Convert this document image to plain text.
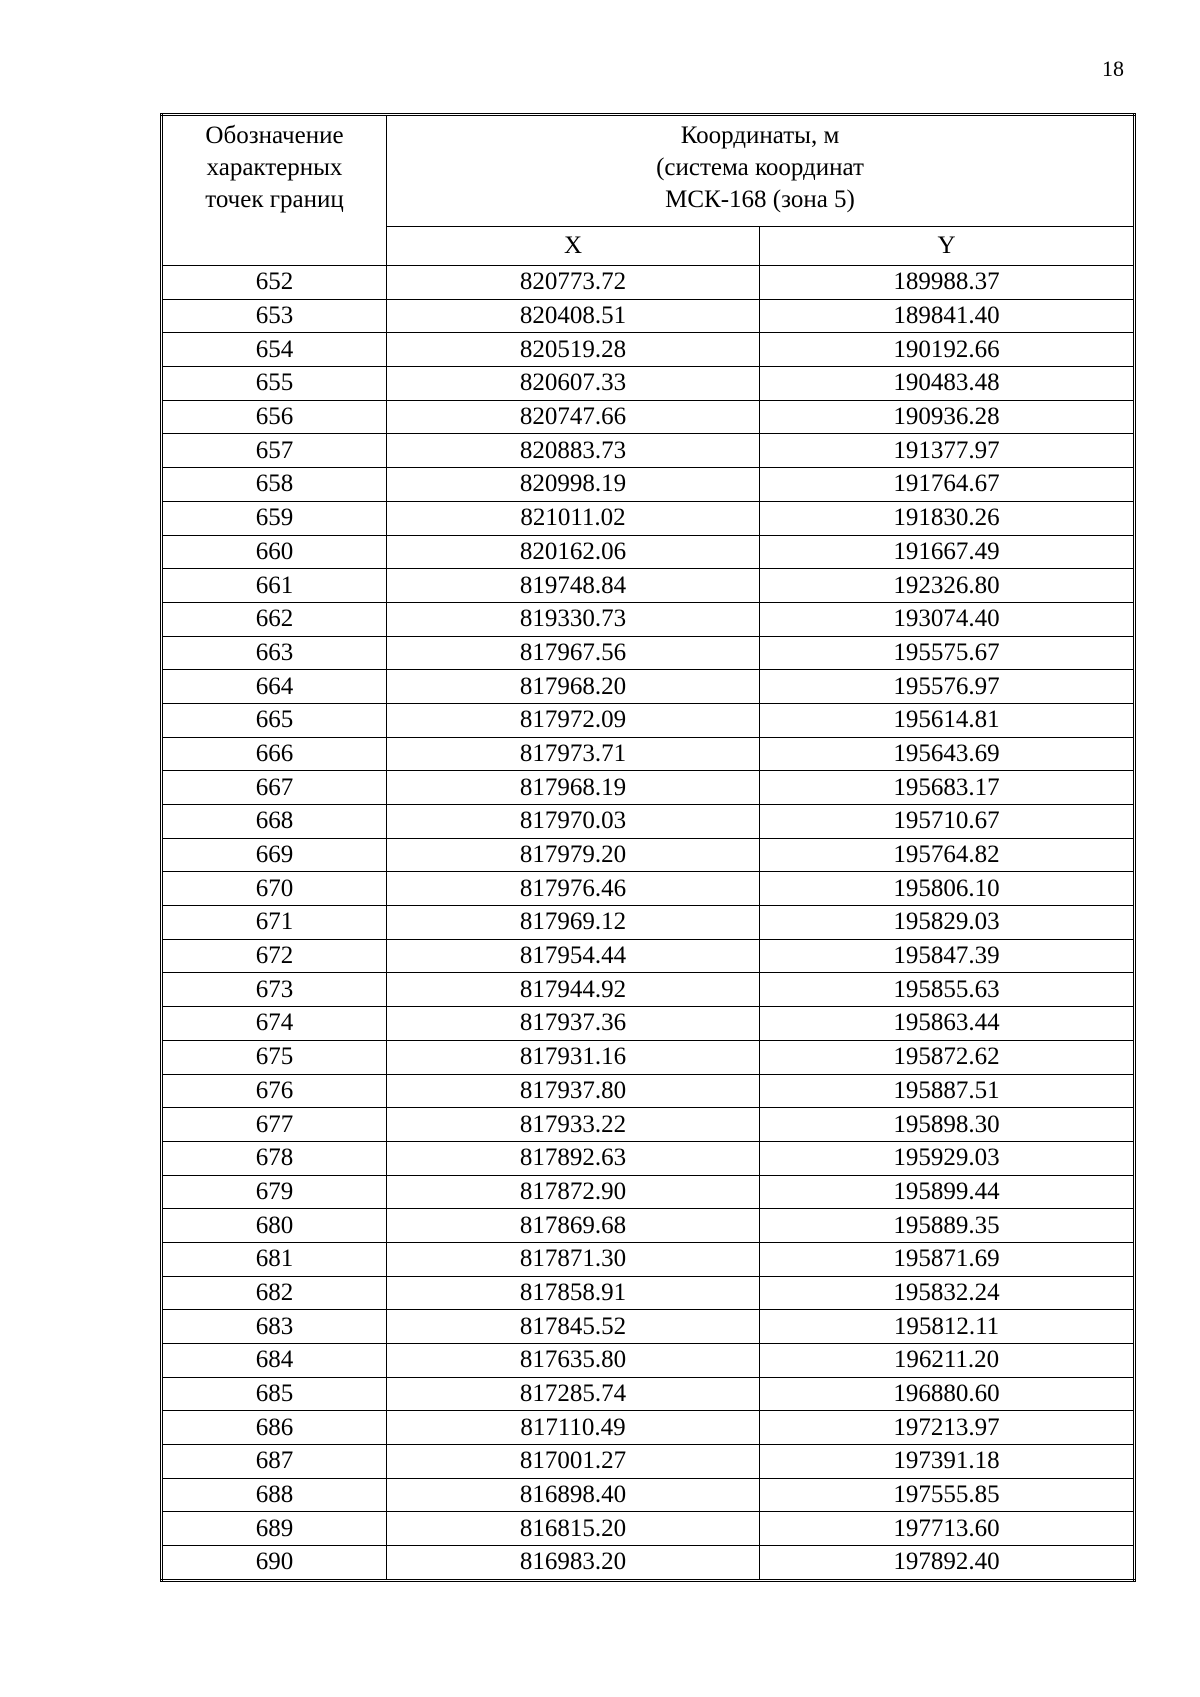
18
Обозначение
характерных
точек границ	Координаты, м
(система координат
МСК-168 (зона 5)	

	X	Y
652	820773.72	189988.37
653	820408.51	189841.40
654	820519.28	190192.66
655	820607.33	190483.48
656	820747.66	190936.28
657	820883.73	191377.97
658	820998.19	191764.67
659	821011.02	191830.26
660	820162.06	191667.49
661	819748.84	192326.80
662	819330.73	193074.40
663	817967.56	195575.67
664	817968.20	195576.97
665	817972.09	195614.81
666	817973.71	195643.69
667	817968.19	195683.17
668	817970.03	195710.67
669	817979.20	195764.82
670	817976.46	195806.10
671	817969.12	195829.03
672	817954.44	195847.39
673	817944.92	195855.63
674	817937.36	195863.44
675	817931.16	195872.62
676	817937.80	195887.51
677	817933.22	195898.30
678	817892.63	195929.03
679	817872.90	195899.44
680	817869.68	195889.35
681	817871.30	195871.69
682	817858.91	195832.24
683	817845.52	195812.11
684	817635.80	196211.20
685	817285.74	196880.60
686	817110.49	197213.97
687	817001.27	197391.18
688	816898.40	197555.85
689	816815.20	197713.60
690	816983.20	197892.40
